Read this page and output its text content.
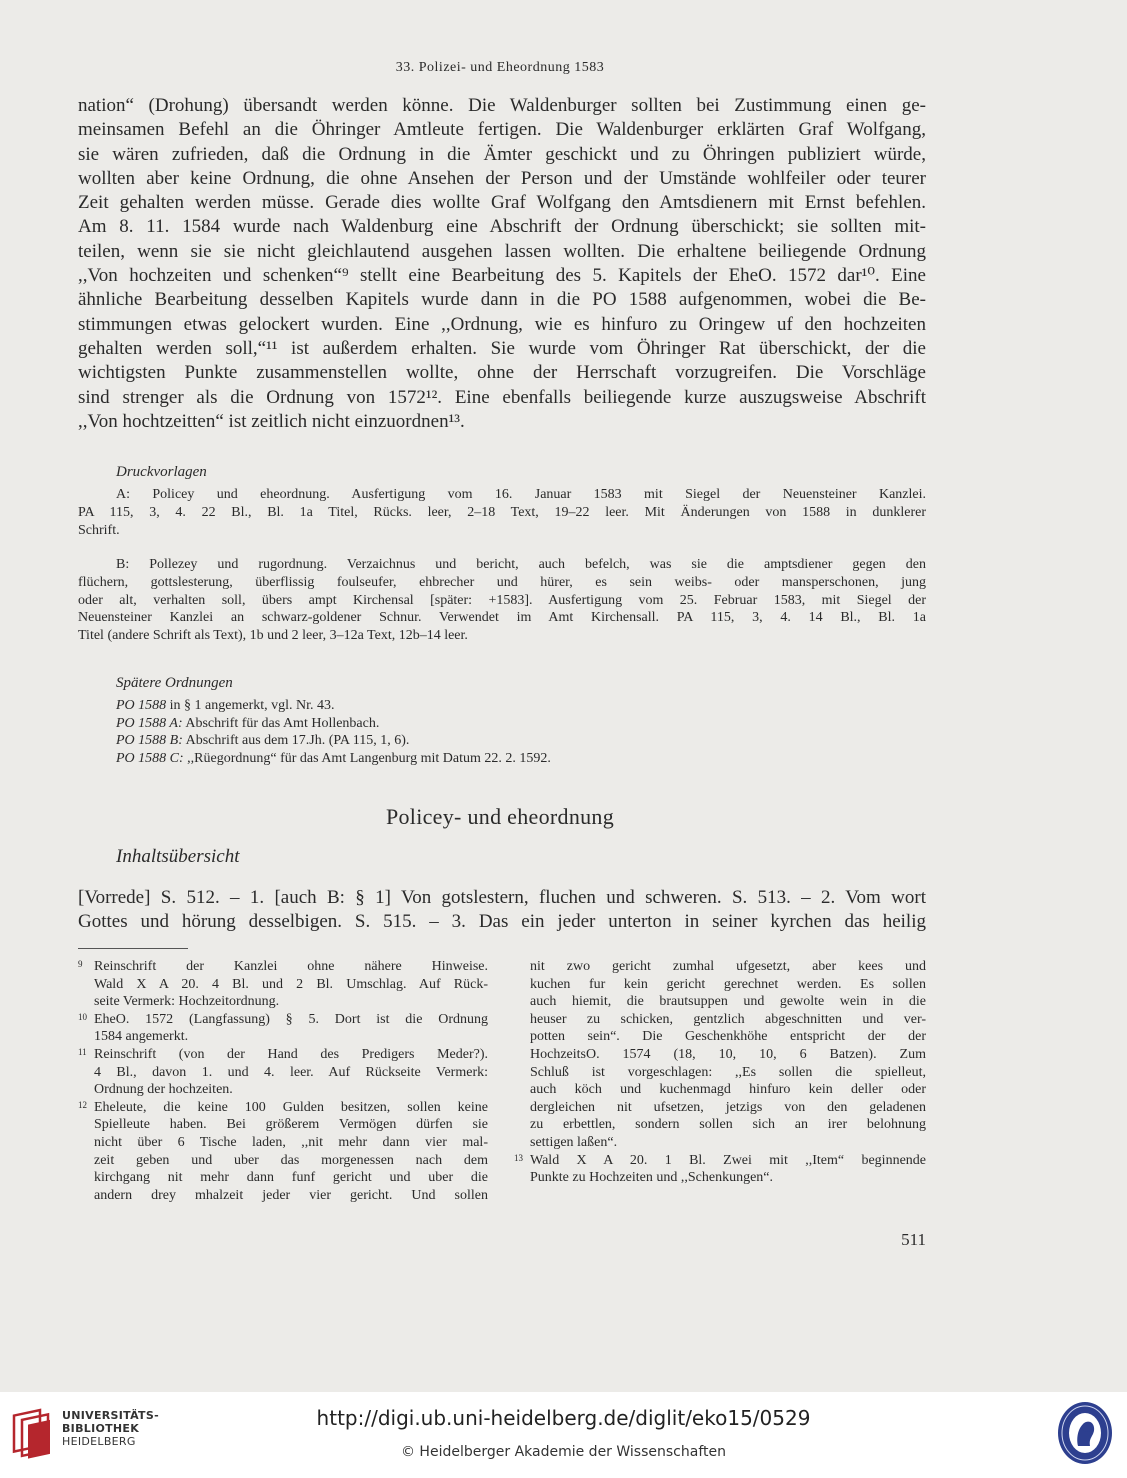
33. Polizei- und Eheordnung 1583
nation“ (Drohung) übersandt werden könne. Die Waldenburger sollten bei Zustimmung einen ge-
meinsamen Befehl an die Öhringer Amtleute fertigen. Die Waldenburger erklärten Graf Wolfgang,
sie wären zufrieden, daß die Ordnung in die Ämter geschickt und zu Öhringen publiziert würde,
wollten aber keine Ordnung, die ohne Ansehen der Person und der Umstände wohlfeiler oder teurer
Zeit gehalten werden müsse. Gerade dies wollte Graf Wolfgang den Amtsdienern mit Ernst befehlen.
Am 8. 11. 1584 wurde nach Waldenburg eine Abschrift der Ordnung überschickt; sie sollten mit-
teilen, wenn sie sie nicht gleichlautend ausgehen lassen wollten. Die erhaltene beiliegende Ordnung
,,Von hochzeiten und schenken“⁹ stellt eine Bearbeitung des 5. Kapitels der EheO. 1572 dar¹⁰. Eine
ähnliche Bearbeitung desselben Kapitels wurde dann in die PO 1588 aufgenommen, wobei die Be-
stimmungen etwas gelockert wurden. Eine ,,Ordnung, wie es hinfuro zu Oringew uf den hochzeiten
gehalten werden soll,“¹¹ ist außerdem erhalten. Sie wurde vom Öhringer Rat überschickt, der die
wichtigsten Punkte zusammenstellen wollte, ohne der Herrschaft vorzugreifen. Die Vorschläge
sind strenger als die Ordnung von 1572¹². Eine ebenfalls beiliegende kurze auszugsweise Abschrift
,,Von hochtzeitten“ ist zeitlich nicht einzuordnen¹³.
Druckvorlagen
A: Policey und eheordnung. Ausfertigung vom 16. Januar 1583 mit Siegel der Neuensteiner Kanzlei.
PA 115, 3, 4. 22 Bl., Bl. 1a Titel, Rücks. leer, 2–18 Text, 19–22 leer. Mit Änderungen von 1588 in dunklerer
Schrift.
B: Pollezey und rugordnung. Verzaichnus und bericht, auch befelch, was sie die amptsdiener gegen den
flüchern, gottslesterung, überflissig foulseufer, ehbrecher und hürer, es sein weibs- oder mansperschonen, jung
oder alt, verhalten soll, übers ampt Kirchensal [später: +1583]. Ausfertigung vom 25. Februar 1583, mit Siegel der
Neuensteiner Kanzlei an schwarz-goldener Schnur. Verwendet im Amt Kirchensall. PA 115, 3, 4. 14 Bl., Bl. 1a
Titel (andere Schrift als Text), 1b und 2 leer, 3–12a Text, 12b–14 leer.
Spätere Ordnungen
PO 1588 in § 1 angemerkt, vgl. Nr. 43.
PO 1588 A: Abschrift für das Amt Hollenbach.
PO 1588 B: Abschrift aus dem 17.Jh. (PA 115, 1, 6).
PO 1588 C: ,,Rüegordnung“ für das Amt Langenburg mit Datum 22. 2. 1592.
Policey- und eheordnung
Inhaltsübersicht
[Vorrede] S. 512. – 1. [auch B: § 1] Von gotslestern, fluchen und schweren. S. 513. – 2. Vom wort
Gottes und hörung desselbigen. S. 515. – 3. Das ein jeder unterton in seiner kyrchen das heilig
9 Reinschrift der Kanzlei ohne nähere Hinweise.
Wald X A 20. 4 Bl. und 2 Bl. Umschlag. Auf Rück-
seite Vermerk: Hochzeitordnung.
10 EheO. 1572 (Langfassung) § 5. Dort ist die Ordnung
1584 angemerkt.
11 Reinschrift (von der Hand des Predigers Meder?).
4 Bl., davon 1. und 4. leer. Auf Rückseite Vermerk:
Ordnung der hochzeiten.
12 Eheleute, die keine 100 Gulden besitzen, sollen keine
Spielleute haben. Bei größerem Vermögen dürfen sie
nicht über 6 Tische laden, ,,nit mehr dann vier mal-
zeit geben und uber das morgenessen nach dem
kirchgang nit mehr dann funf gericht und uber die
andern drey mhalzeit jeder vier gericht. Und sollen
nit zwo gericht zumhal ufgesetzt, aber kees und
kuchen fur kein gericht gerechnet werden. Es sollen
auch hiemit, die brautsuppen und gewolte wein in die
heuser zu schicken, gentzlich abgeschnitten und ver-
potten sein“. Die Geschenkhöhe entspricht der der
HochzeitsO. 1574 (18, 10, 10, 6 Batzen). Zum
Schluß ist vorgeschlagen: ,,Es sollen die spielleut,
auch köch und kuchenmagd hinfuro kein deller oder
dergleichen nit ufsetzen, jetzigs von den geladenen
zu erbettlen, sondern sollen sich an irer belohnung
settigen laßen“.
13 Wald X A 20. 1 Bl. Zwei mit ,,Item“ beginnende
Punkte zu Hochzeiten und ,,Schenkungen“.
511
UNIVERSITÄTS-
BIBLIOTHEK
HEIDELBERG
http://digi.ub.uni-heidelberg.de/diglit/eko15/0529
© Heidelberger Akademie der Wissenschaften
